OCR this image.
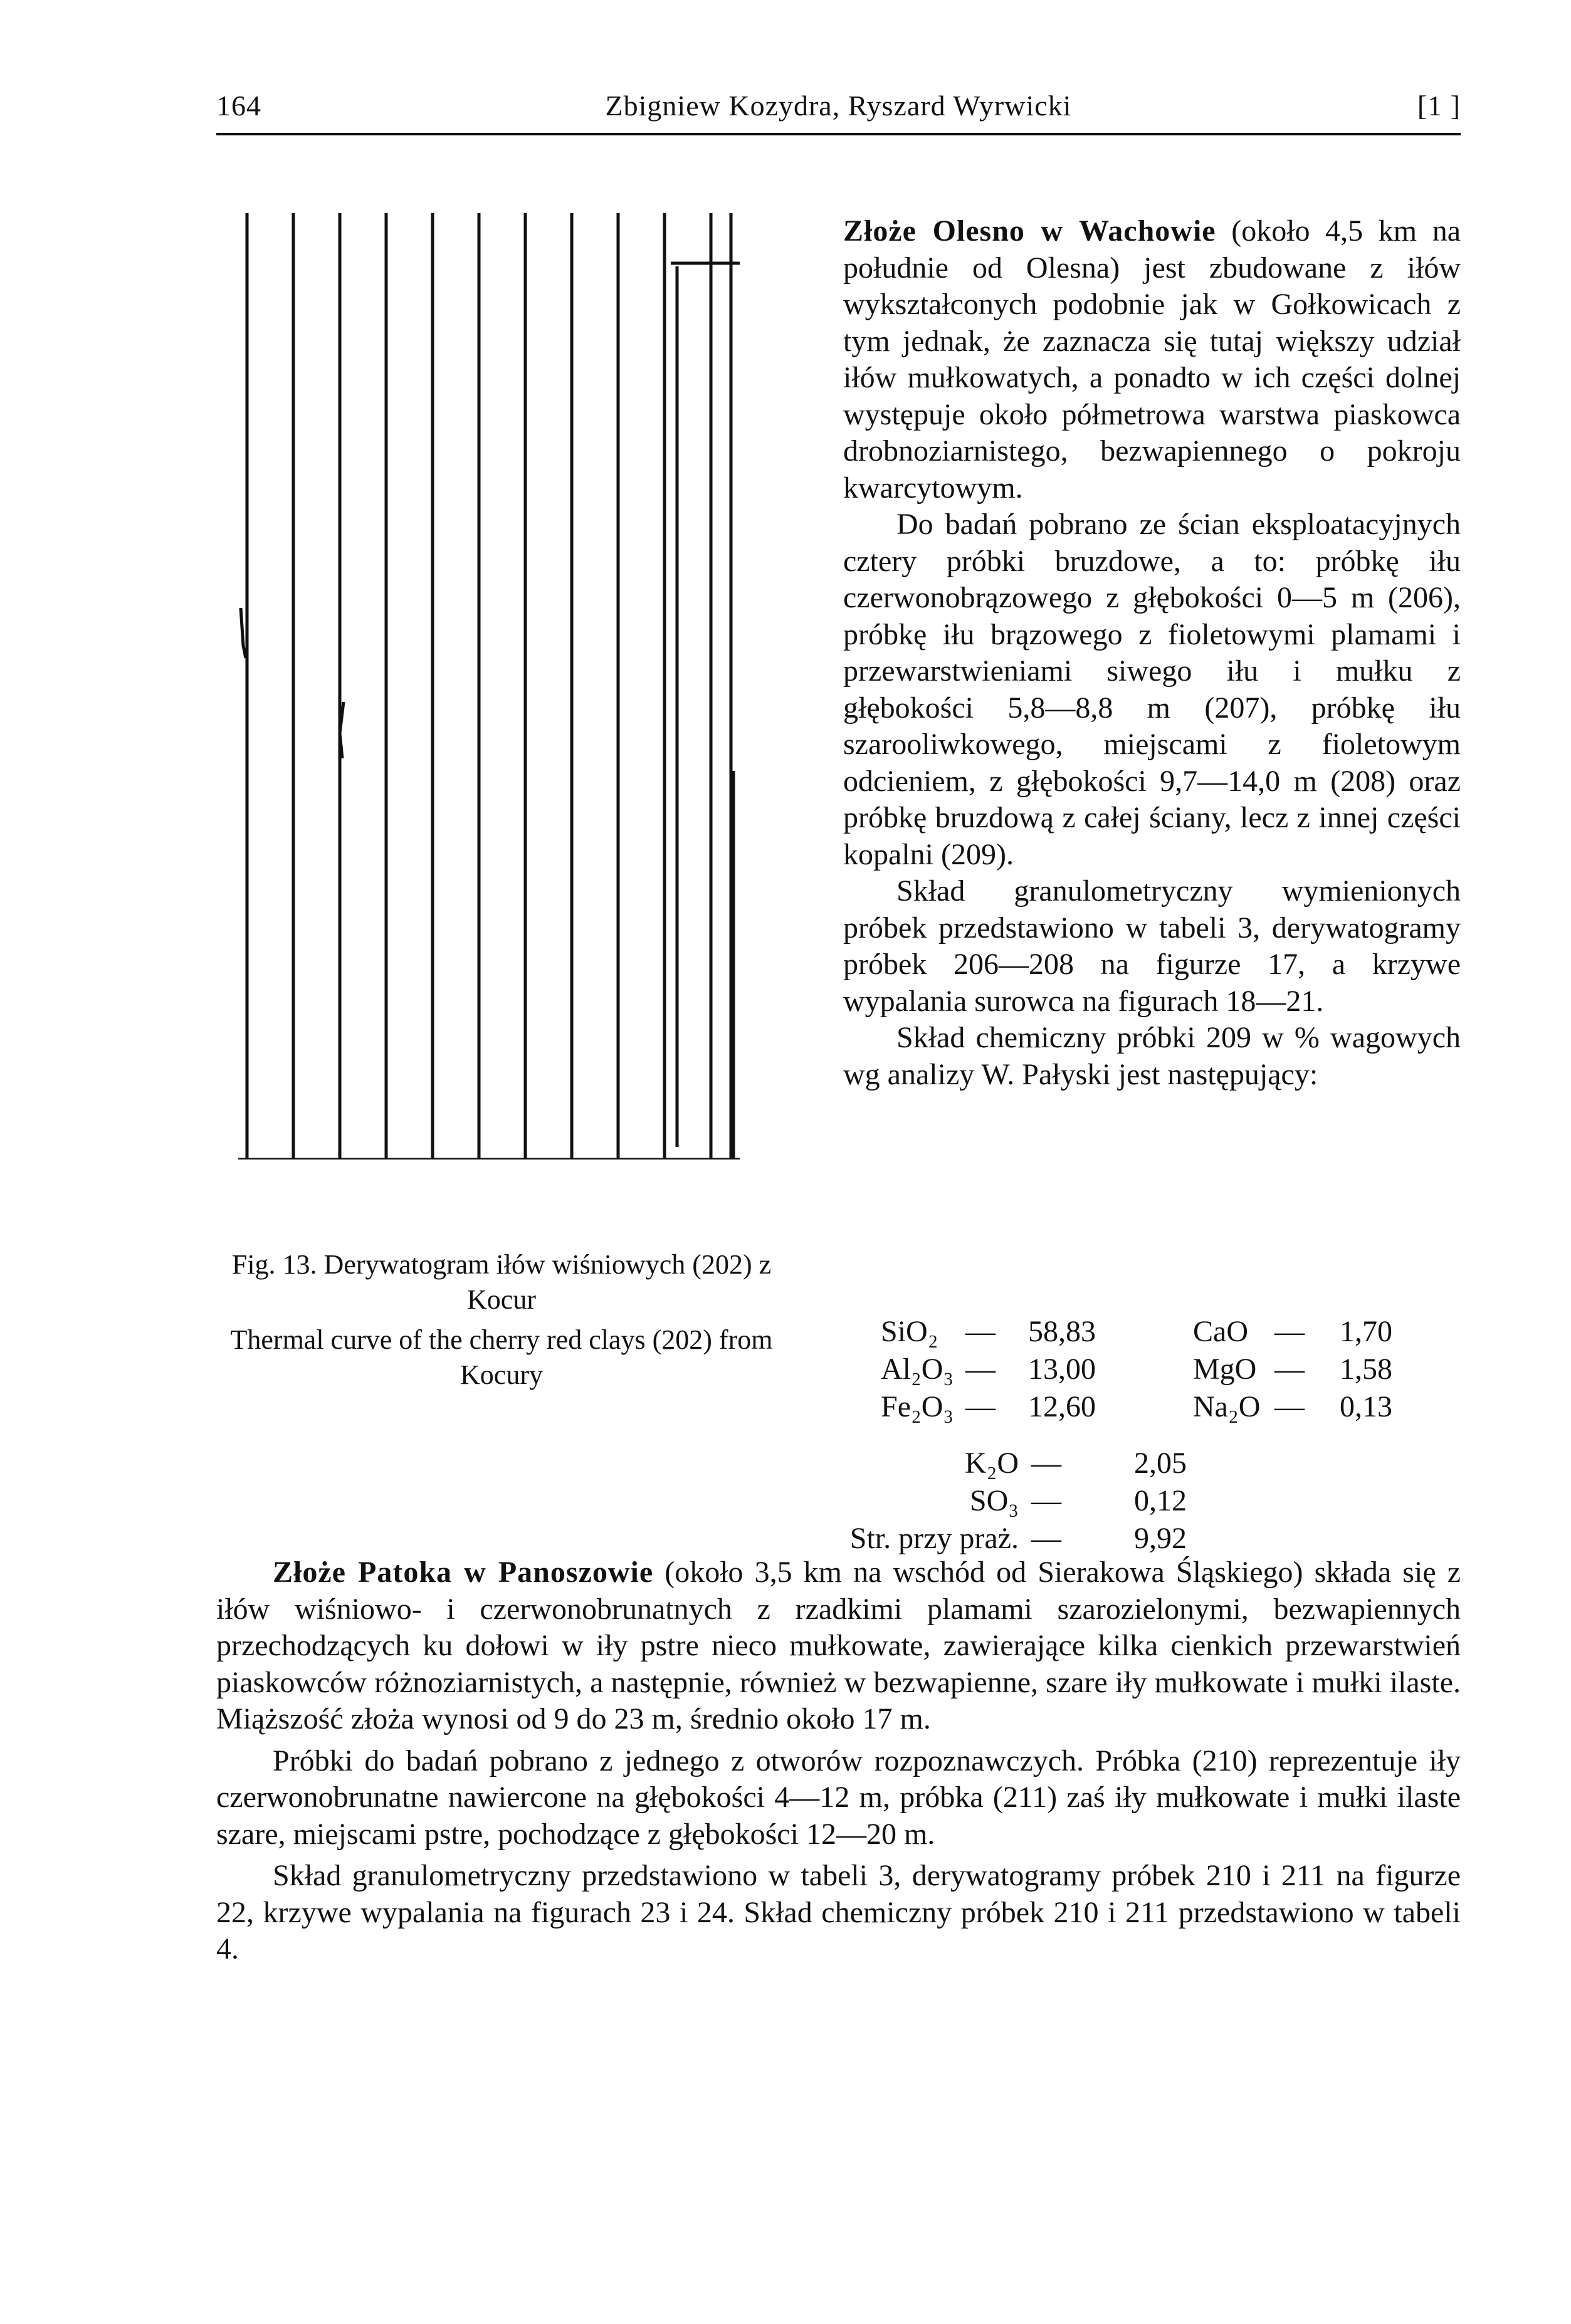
164	Zbigniew Kozydra, Ryszard Wyrwicki	[1 ]
Fig. 13. Derywatogram iłów wiśniowych (202) z Kocur
Thermal curve of the cherry red clays (202) from Kocury

Złoże Olesno w Wachowie (około 4,5 km na południe od Olesna) jest zbudowane z iłów wykształconych podobnie jak w Gołkowicach z tym jednak, że zaznacza się tutaj większy udział iłów mułkowatych, a ponadto w ich części dolnej występuje około półmetrowa warstwa piaskowca drobnoziarnistego, bezwapiennego o pokroju kwarcytowym.

Do badań pobrano ze ścian eksploatacyjnych cztery próbki bruzdowe, a to: próbkę iłu czerwonobrązowego z głębokości 0—5 m (206), próbkę iłu brązowego z fioletowymi plamami i przewarstwieniami siwego iłu i mułku z głębokości 5,8—8,8 m (207), próbkę iłu szarooliwkowego, miejscami z fioletowym odcieniem, z głębokości 9,7—14,0 m (208) oraz próbkę bruzdową z całej ściany, lecz z innej części kopalni (209).

Skład granulometryczny wymienionych próbek przedstawiono w tabeli 3, derywatogramy próbek 206—208 na figurze 17, a krzywe wypalania surowca na figurach 18—21.

Skład chemiczny próbki 209 w % wagowych wg analizy W. Pałyski jest następujący:

SiO₂ —	58,83	CaO —	1,70
Al₂O₃ —	13,00	MgO —	1,58
Fe₂O₃ —	12,60	Na₂O —	0,13
K₂O —	2,05
SO₃ —	0,12
Str. przy praż. —	9,92

Złoże Patoka w Panoszowie (około 3,5 km na wschód od Sierakowa Śląskiego) składa się z iłów wiśniowo- i czerwonobrunatnych z rzadkimi plamami szarozielonymi, bezwapiennych przechodzących ku dołowi w iły pstre nieco mułkowate, zawierające kilka cienkich przewarstwień piaskowców różnoziarnistych, a następnie, również w bezwapienne, szare iły mułkowate i mułki ilaste. Miąższość złoża wynosi od 9 do 23 m, średnio około 17 m.

Próbki do badań pobrano z jednego z otworów rozpoznawczych. Próbka (210) reprezentuje iły czerwonobrunatne nawiercone na głębokości 4—12 m, próbka (211) zaś iły mułkowate i mułki ilaste szare, miejscami pstre, pochodzące z głębokości 12—20 m.

Skład granulometryczny przedstawiono w tabeli 3, derywatogramy próbek 210 i 211 na figurze 22, krzywe wypalania na figurach 23 i 24. Skład chemiczny próbek 210 i 211 przedstawiono w tabeli 4.
